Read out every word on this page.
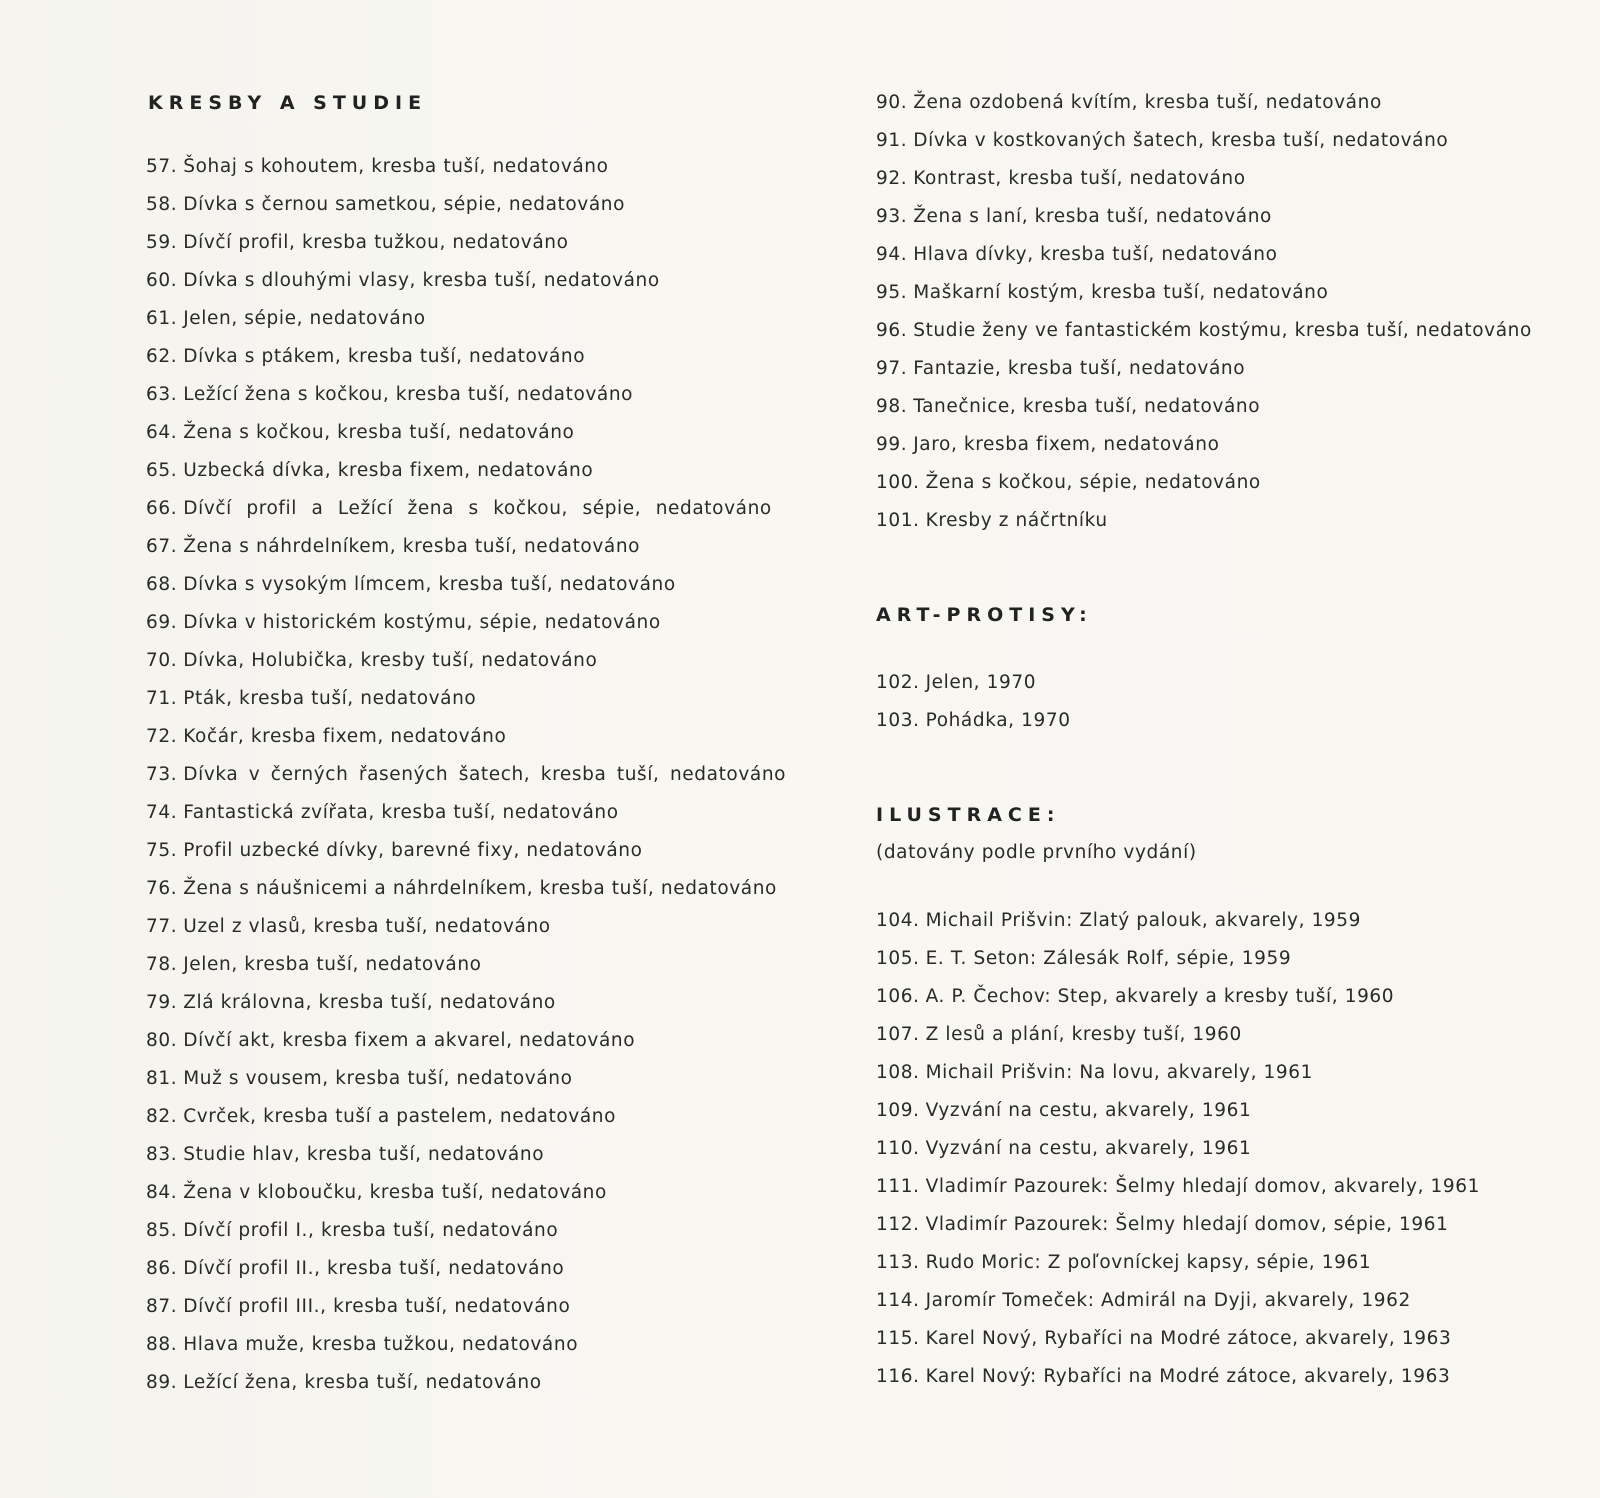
KRESBY A STUDIE
57. Šohaj s kohoutem, kresba tuší, nedatováno
58. Dívka s černou sametkou, sépie, nedatováno
59. Dívčí profil, kresba tužkou, nedatováno
60. Dívka s dlouhými vlasy, kresba tuší, nedatováno
61. Jelen, sépie, nedatováno
62. Dívka s ptákem, kresba tuší, nedatováno
63. Ležící žena s kočkou, kresba tuší, nedatováno
64. Žena s kočkou, kresba tuší, nedatováno
65. Uzbecká dívka, kresba fixem, nedatováno
66. Dívčí profil a Ležící žena s kočkou, sépie, nedatováno
67. Žena s náhrdelníkem, kresba tuší, nedatováno
68. Dívka s vysokým límcem, kresba tuší, nedatováno
69. Dívka v historickém kostýmu, sépie, nedatováno
70. Dívka, Holubička, kresby tuší, nedatováno
71. Pták, kresba tuší, nedatováno
72. Kočár, kresba fixem, nedatováno
73. Dívka v černých řasených šatech, kresba tuší, nedatováno
74. Fantastická zvířata, kresba tuší, nedatováno
75. Profil uzbecké dívky, barevné fixy, nedatováno
76. Žena s náušnicemi a náhrdelníkem, kresba tuší, nedatováno
77. Uzel z vlasů, kresba tuší, nedatováno
78. Jelen, kresba tuší, nedatováno
79. Zlá královna, kresba tuší, nedatováno
80. Dívčí akt, kresba fixem a akvarel, nedatováno
81. Muž s vousem, kresba tuší, nedatováno
82. Cvrček, kresba tuší a pastelem, nedatováno
83. Studie hlav, kresba tuší, nedatováno
84. Žena v kloboučku, kresba tuší, nedatováno
85. Dívčí profil I., kresba tuší, nedatováno
86. Dívčí profil II., kresba tuší, nedatováno
87. Dívčí profil III., kresba tuší, nedatováno
88. Hlava muže, kresba tužkou, nedatováno
89. Ležící žena, kresba tuší, nedatováno
90. Žena ozdobená kvítím, kresba tuší, nedatováno
91. Dívka v kostkovaných šatech, kresba tuší, nedatováno
92. Kontrast, kresba tuší, nedatováno
93. Žena s laní, kresba tuší, nedatováno
94. Hlava dívky, kresba tuší, nedatováno
95. Maškarní kostým, kresba tuší, nedatováno
96. Studie ženy ve fantastickém kostýmu, kresba tuší, nedatováno
97. Fantazie, kresba tuší, nedatováno
98. Tanečnice, kresba tuší, nedatováno
99. Jaro, kresba fixem, nedatováno
100. Žena s kočkou, sépie, nedatováno
101. Kresby z náčrtníku
ART-PROTISY:
102. Jelen, 1970
103. Pohádka, 1970
ILUSTRACE:
(datovány podle prvního vydání)
104. Michail Prišvin: Zlatý palouk, akvarely, 1959
105. E. T. Seton: Zálesák Rolf, sépie, 1959
106. A. P. Čechov: Step, akvarely a kresby tuší, 1960
107. Z lesů a plání, kresby tuší, 1960
108. Michail Prišvin: Na lovu, akvarely, 1961
109. Vyzvání na cestu, akvarely, 1961
110. Vyzvání na cestu, akvarely, 1961
111. Vladimír Pazourek: Šelmy hledají domov, akvarely, 1961
112. Vladimír Pazourek: Šelmy hledají domov, sépie, 1961
113. Rudo Moric: Z poľovníckej kapsy, sépie, 1961
114. Jaromír Tomeček: Admirál na Dyji, akvarely, 1962
115. Karel Nový, Rybaříci na Modré zátoce, akvarely, 1963
116. Karel Nový: Rybaříci na Modré zátoce, akvarely, 1963
